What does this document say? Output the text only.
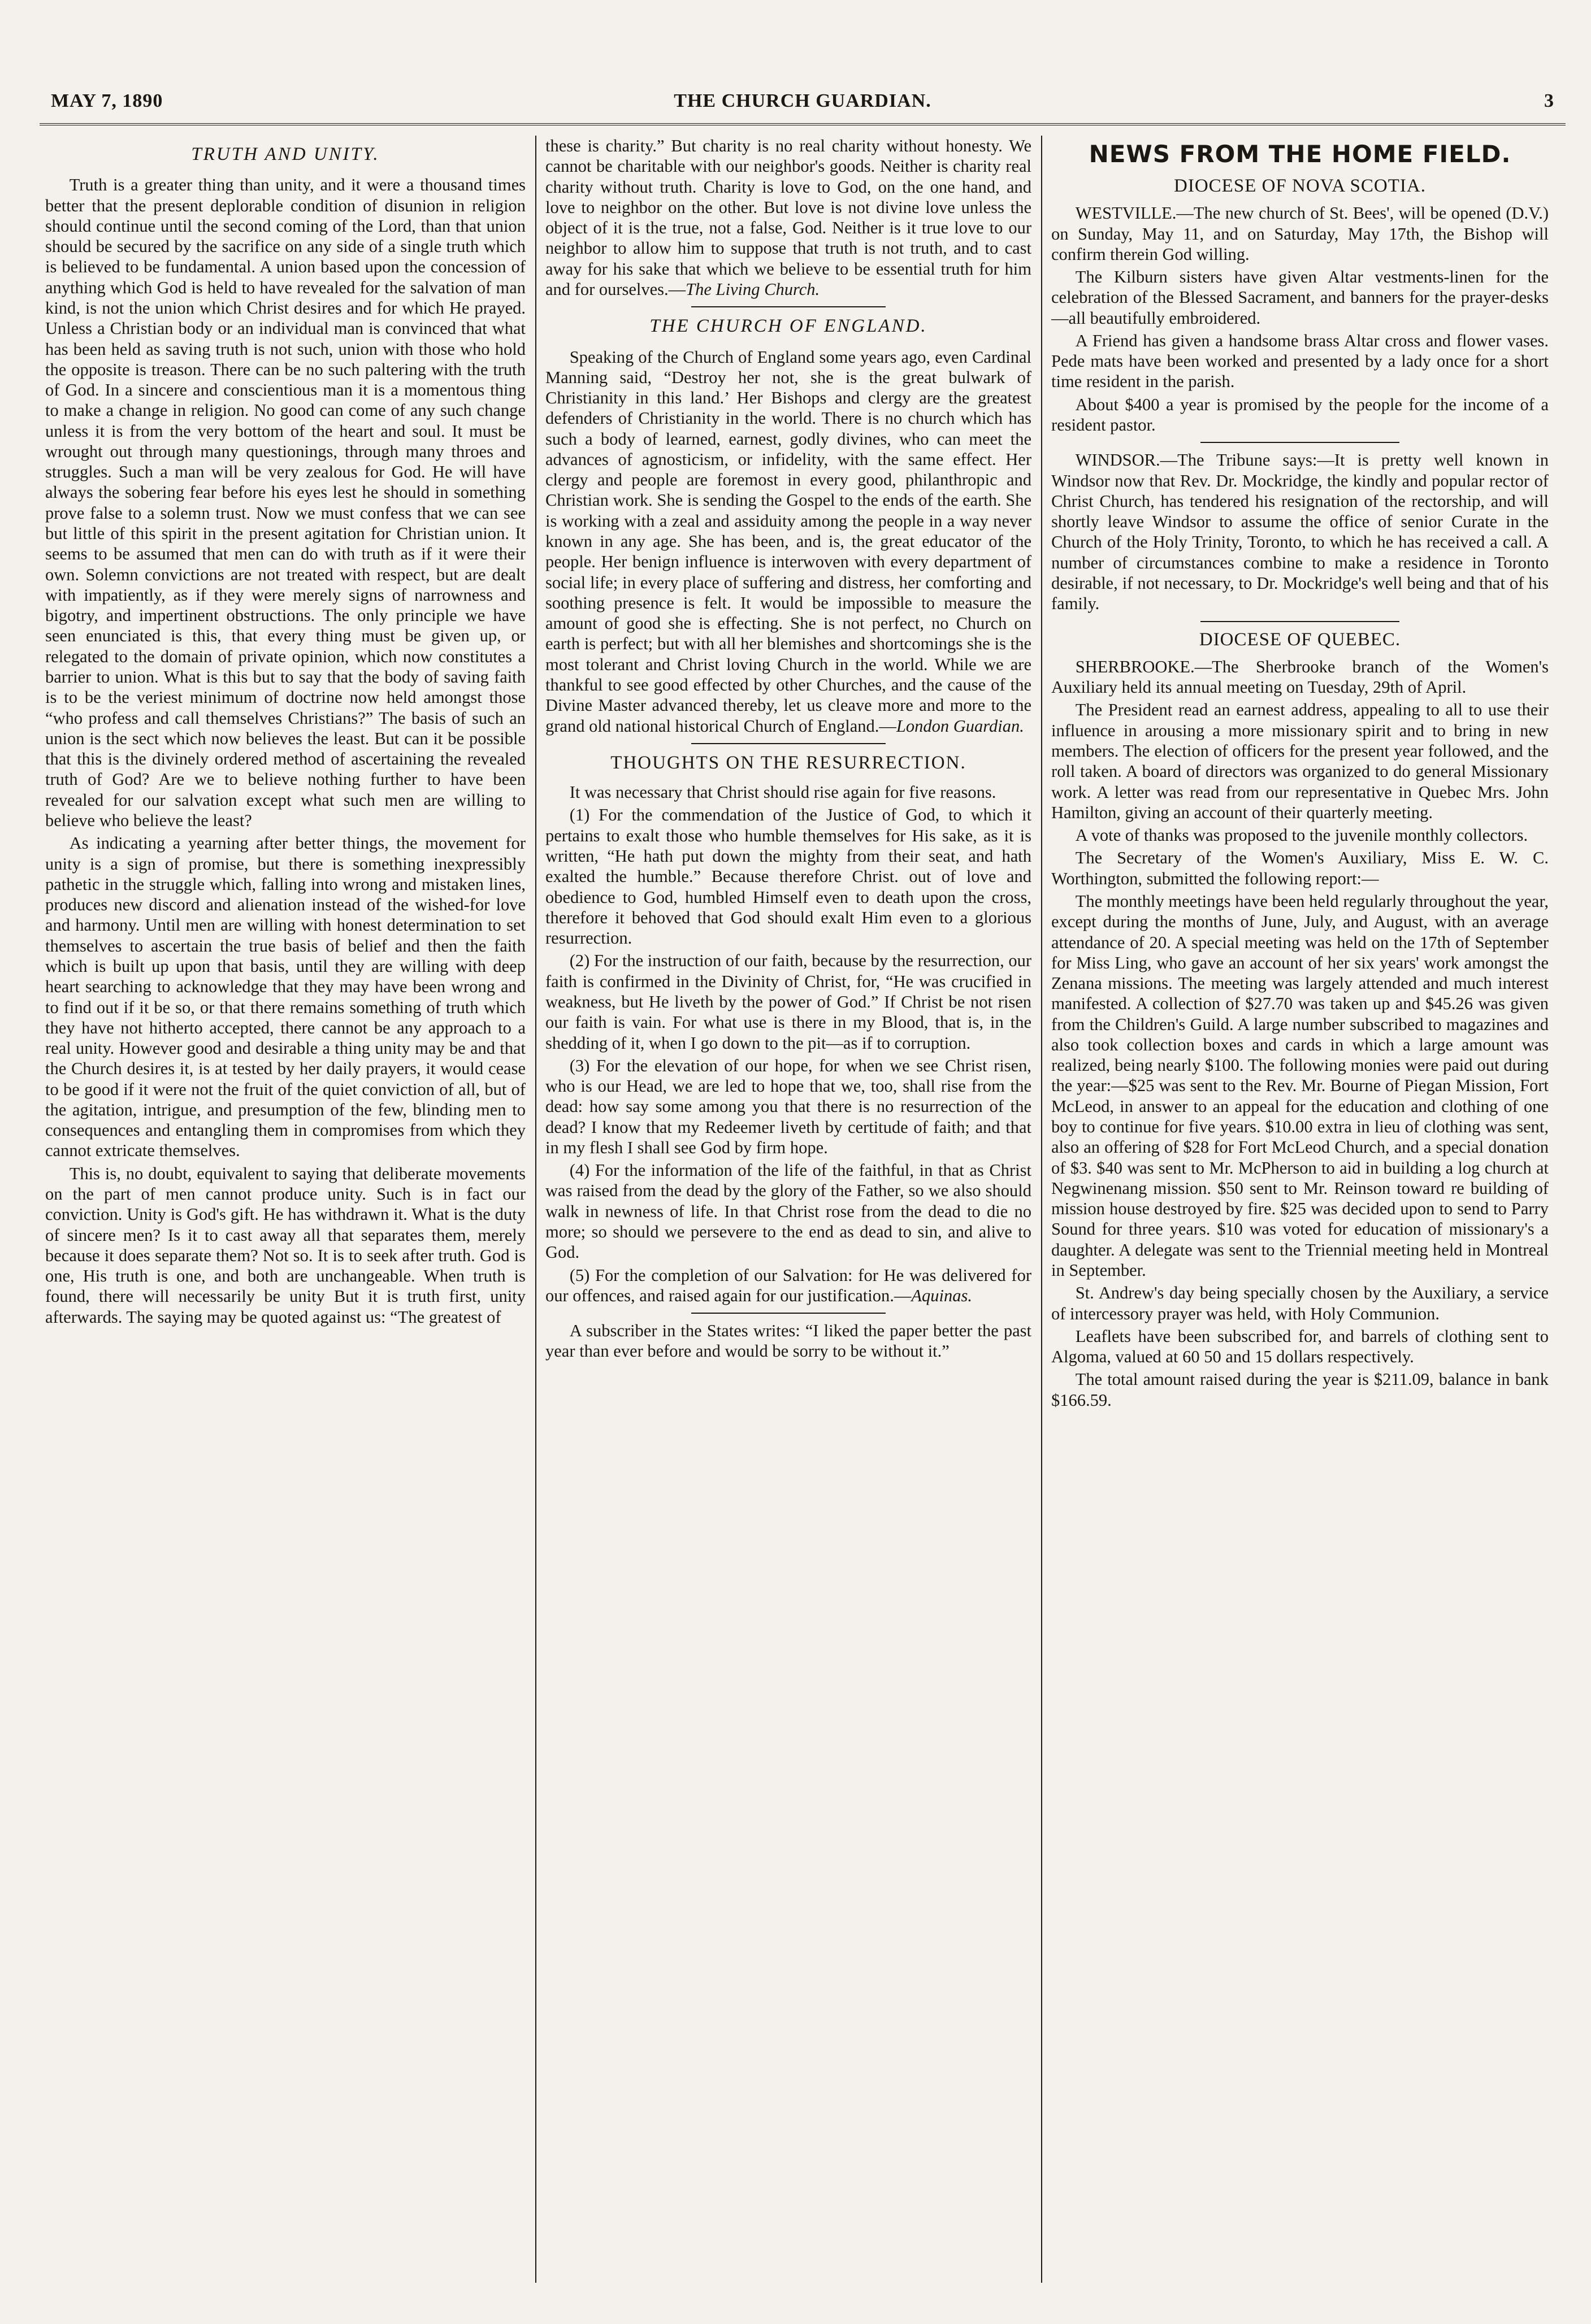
MAY 7, 1890	THE CHURCH GUARDIAN.	3
TRUTH AND UNITY.

Truth is a greater thing than unity, and it were a thousand times better that the present deplorable condition of disunion in religion should continue until the second coming of the Lord, than that union should be secured by the sacrifice on any side of a single truth which is believed to be fundamental. A union based upon the concession of anything which God is held to have revealed for the salvation of man kind, is not the union which Christ desires and for which He prayed. Unless a Christian body or an individual man is convinced that what has been held as saving truth is not such, union with those who hold the opposite is treason. There can be no such paltering with the truth of God. In a sincere and conscientious man it is a momentous thing to make a change in religion. No good can come of any such change unless it is from the very bottom of the heart and soul. It must be wrought out through many questionings, through many throes and struggles. Such a man will be very zealous for God. He will have always the sobering fear before his eyes lest he should in something prove false to a solemn trust. Now we must confess that we can see but little of this spirit in the present agitation for Christian union. It seems to be assumed that men can do with truth as if it were their own. Solemn convictions are not treated with respect, but are dealt with impatiently, as if they were merely signs of narrowness and bigotry, and impertinent obstructions. The only principle we have seen enunciated is this, that every thing must be given up, or relegated to the domain of private opinion, which now constitutes a barrier to union. What is this but to say that the body of saving faith is to be the veriest minimum of doctrine now held amongst those “who profess and call themselves Christians?” The basis of such an union is the sect which now believes the least. But can it be possible that this is the divinely ordered method of ascertaining the revealed truth of God? Are we to believe nothing further to have been revealed for our salvation except what such men are willing to believe who believe the least?

As indicating a yearning after better things, the movement for unity is a sign of promise, but there is something inexpressibly pathetic in the struggle which, falling into wrong and mistaken lines, produces new discord and alienation instead of the wished-for love and harmony. Until men are willing with honest determination to set themselves to ascertain the true basis of belief and then the faith which is built up upon that basis, until they are willing with deep heart searching to acknowledge that they may have been wrong and to find out if it be so, or that there remains something of truth which they have not hitherto accepted, there cannot be any approach to a real unity. However good and desirable a thing unity may be and that the Church desires it, is at tested by her daily prayers, it would cease to be good if it were not the fruit of the quiet conviction of all, but of the agitation, intrigue, and presumption of the few, blinding men to consequences and entangling them in compromises from which they cannot extricate themselves.

This is, no doubt, equivalent to saying that deliberate movements on the part of men cannot produce unity. Such is in fact our conviction. Unity is God's gift. He has withdrawn it. What is the duty of sincere men? Is it to cast away all that separates them, merely because it does separate them? Not so. It is to seek after truth. God is one, His truth is one, and both are unchangeable. When truth is found, there will necessarily be unity But it is truth first, unity afterwards. The saying may be quoted against us: “The greatest of

these is charity.” But charity is no real charity without honesty. We cannot be charitable with our neighbor's goods. Neither is charity real charity without truth. Charity is love to God, on the one hand, and love to neighbor on the other. But love is not divine love unless the object of it is the true, not a false, God. Neither is it true love to our neighbor to allow him to suppose that truth is not truth, and to cast away for his sake that which we believe to be essential truth for him and for ourselves.—The Living Church.

THE CHURCH OF ENGLAND.

Speaking of the Church of England some years ago, even Cardinal Manning said, “Destroy her not, she is the great bulwark of Christianity in this land.’ Her Bishops and clergy are the greatest defenders of Christianity in the world. There is no church which has such a body of learned, earnest, godly divines, who can meet the advances of agnosticism, or infidelity, with the same effect. Her clergy and people are foremost in every good, philanthropic and Christian work. She is sending the Gospel to the ends of the earth. She is working with a zeal and assiduity among the people in a way never known in any age. She has been, and is, the great educator of the people. Her benign influence is interwoven with every department of social life; in every place of suffering and distress, her comforting and soothing presence is felt. It would be impossible to measure the amount of good she is effecting. She is not perfect, no Church on earth is perfect; but with all her blemishes and shortcomings she is the most tolerant and Christ loving Church in the world. While we are thankful to see good effected by other Churches, and the cause of the Divine Master advanced thereby, let us cleave more and more to the grand old national historical Church of England.—London Guardian.

THOUGHTS ON THE RESURRECTION.

It was necessary that Christ should rise again for five reasons.

(1) For the commendation of the Justice of God, to which it pertains to exalt those who humble themselves for His sake, as it is written, “He hath put down the mighty from their seat, and hath exalted the humble.” Because therefore Christ. out of love and obedience to God, humbled Himself even to death upon the cross, therefore it behoved that God should exalt Him even to a glorious resurrection.

(2) For the instruction of our faith, because by the resurrection, our faith is confirmed in the Divinity of Christ, for, “He was crucified in weakness, but He liveth by the power of God.” If Christ be not risen our faith is vain. For what use is there in my Blood, that is, in the shedding of it, when I go down to the pit—as if to corruption.

(3) For the elevation of our hope, for when we see Christ risen, who is our Head, we are led to hope that we, too, shall rise from the dead: how say some among you that there is no resurrection of the dead? I know that my Redeemer liveth by certitude of faith; and that in my flesh I shall see God by firm hope.

(4) For the information of the life of the faithful, in that as Christ was raised from the dead by the glory of the Father, so we also should walk in newness of life. In that Christ rose from the dead to die no more; so should we persevere to the end as dead to sin, and alive to God.

(5) For the completion of our Salvation: for He was delivered for our offences, and raised again for our justification.—Aquinas.

A subscriber in the States writes: “I liked the paper better the past year than ever before and would be sorry to be without it.”

NEWS FROM THE HOME FIELD.
DIOCESE OF NOVA SCOTIA.

WESTVILLE.—The new church of St. Bees', will be opened (D.V.) on Sunday, May 11, and on Saturday, May 17th, the Bishop will confirm therein God willing.

The Kilburn sisters have given Altar vestments-linen for the celebration of the Blessed Sacrament, and banners for the prayer-desks—all beautifully embroidered.

A Friend has given a handsome brass Altar cross and flower vases. Pede mats have been worked and presented by a lady once for a short time resident in the parish.

About $400 a year is promised by the people for the income of a resident pastor.

WINDSOR.—The Tribune says:—It is pretty well known in Windsor now that Rev. Dr. Mockridge, the kindly and popular rector of Christ Church, has tendered his resignation of the rectorship, and will shortly leave Windsor to assume the office of senior Curate in the Church of the Holy Trinity, Toronto, to which he has received a call. A number of circumstances combine to make a residence in Toronto desirable, if not necessary, to Dr. Mockridge's well being and that of his family.

DIOCESE OF QUEBEC.

SHERBROOKE.—The Sherbrooke branch of the Women's Auxiliary held its annual meeting on Tuesday, 29th of April.

The President read an earnest address, appealing to all to use their influence in arousing a more missionary spirit and to bring in new members. The election of officers for the present year followed, and the roll taken. A board of directors was organized to do general Missionary work. A letter was read from our representative in Quebec Mrs. John Hamilton, giving an account of their quarterly meeting.

A vote of thanks was proposed to the juvenile monthly collectors.

The Secretary of the Women's Auxiliary, Miss E. W. C. Worthington, submitted the following report:—

The monthly meetings have been held regularly throughout the year, except during the months of June, July, and August, with an average attendance of 20. A special meeting was held on the 17th of September for Miss Ling, who gave an account of her six years' work amongst the Zenana missions. The meeting was largely attended and much interest manifested. A collection of $27.70 was taken up and $45.26 was given from the Children's Guild. A large number subscribed to magazines and also took collection boxes and cards in which a large amount was realized, being nearly $100. The following monies were paid out during the year:—$25 was sent to the Rev. Mr. Bourne of Piegan Mission, Fort McLeod, in answer to an appeal for the education and clothing of one boy to continue for five years. $10.00 extra in lieu of clothing was sent, also an offering of $28 for Fort McLeod Church, and a special donation of $3. $40 was sent to Mr. McPherson to aid in building a log church at Negwinenang mission. $50 sent to Mr. Reinson toward re building of mission house destroyed by fire. $25 was decided upon to send to Parry Sound for three years. $10 was voted for education of missionary's a daughter. A delegate was sent to the Triennial meeting held in Montreal in September.

St. Andrew's day being specially chosen by the Auxiliary, a service of intercessory prayer was held, with Holy Communion.

Leaflets have been subscribed for, and barrels of clothing sent to Algoma, valued at 60 50 and 15 dollars respectively.

The total amount raised during the year is $211.09, balance in bank $166.59.
